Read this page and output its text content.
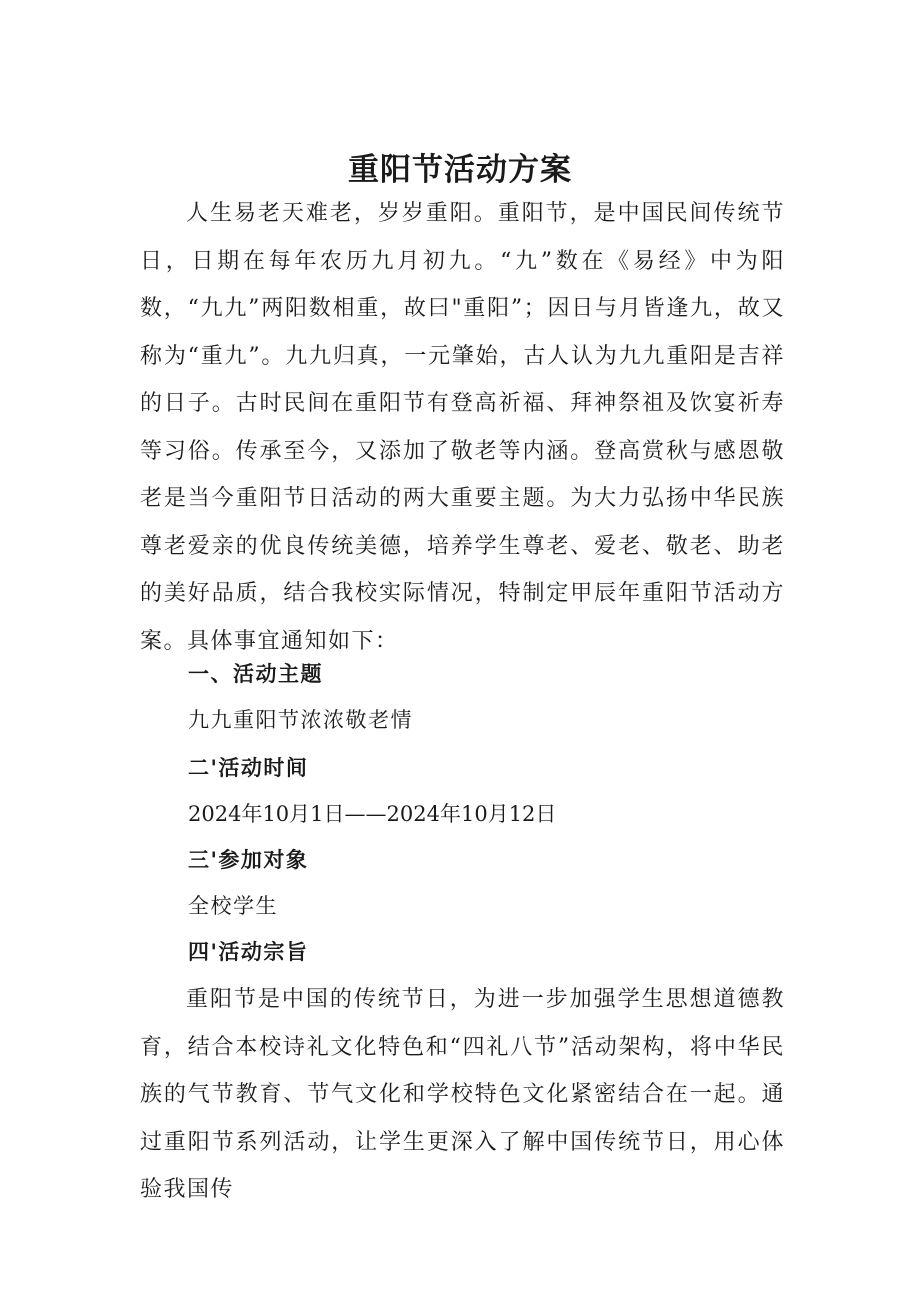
重阳节活动方案

人生易老天难老，岁岁重阳。重阳节，是中国民间传统节日，日期在每年农历九月初九。“九”数在《易经》中为阳数，“九九”两阳数相重，故曰"重阳”；因日与月皆逢九，故又称为“重九”。九九归真，一元肇始，古人认为九九重阳是吉祥的日子。古时民间在重阳节有登高祈福、拜神祭祖及饮宴祈寿等习俗。传承至今，又添加了敬老等内涵。登高赏秋与感恩敬老是当今重阳节日活动的两大重要主题。为大力弘扬中华民族尊老爱亲的优良传统美德，培养学生尊老、爱老、敬老、助老的美好品质，结合我校实际情况，特制定甲辰年重阳节活动方案。具体事宜通知如下：

一、活动主题

九九重阳节浓浓敬老情

二'活动时间

2024年10月1日——2024年10月12日

三'参加对象

全校学生

四'活动宗旨

重阳节是中国的传统节日，为进一步加强学生思想道德教育，结合本校诗礼文化特色和“四礼八节”活动架构，将中华民族的气节教育、节气文化和学校特色文化紧密结合在一起。通过重阳节系列活动，让学生更深入了解中国传统节日，用心体验我国传
